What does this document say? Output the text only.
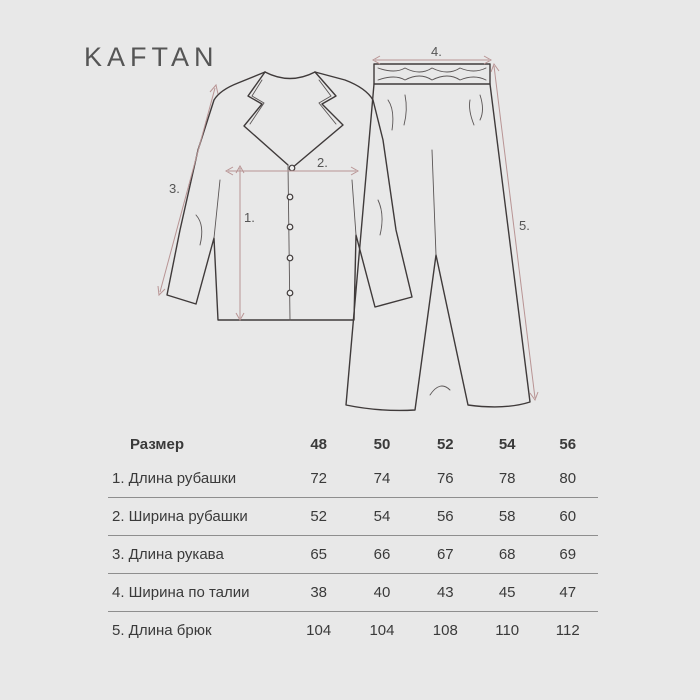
KAFTAN
1.
2.
3.
4.
5.
Размер	48	50	52	54	56
1. Длина рубашки	72	74	76	78	80
2. Ширина рубашки	52	54	56	58	60
3. Длина рукава	65	66	67	68	69
4. Ширина по талии	38	40	43	45	47
5. Длина брюк	104	104	108	110	112
